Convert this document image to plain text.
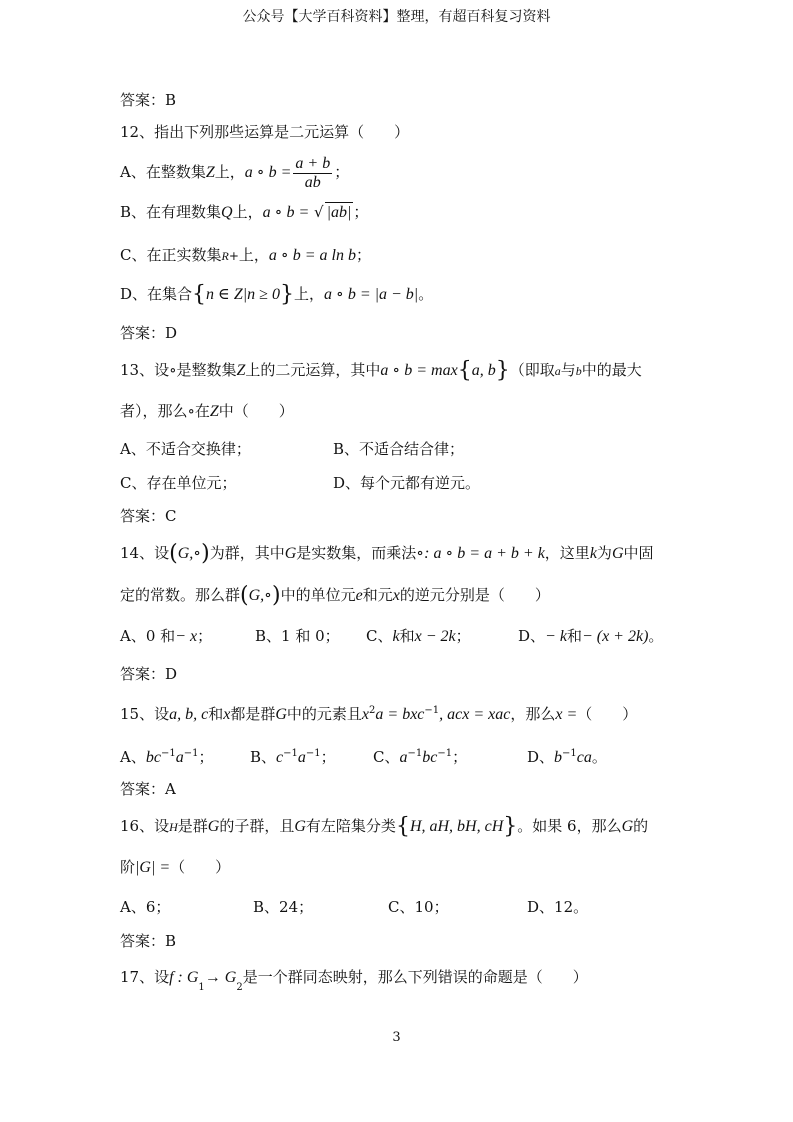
公众号【大学百科资料】整理，有超百科复习资料
答案：B
12、指出下列那些运算是二元运算（　　）
A、在整数集Z上，a ∘ $b = \frac{a + b}{ab}$ ；
B、在有理数集Q上，a ∘ b = √ |ab| ；
C、在正实数集R+上，a ∘ b = a ln b；
D、在集合{n ∈ Z|n ≥ 0}上，a ∘ b = |a − b|。
答案：D
13、设∘是整数集Z上的二元运算，其中a ∘ b = max{a, b}（即取a与b中的最大
者），那么∘在Z中（　　）
A、不适合交换律；	B、不适合结合律；
C、存在单位元；	D、每个元都有逆元。
答案：C
14、设(G,∘)为群，其中G是实数集，而乘法∘: a ∘ b = a + b + k，这里k为G中固
定的常数。那么群(G,∘)中的单位元e和元x的逆元分别是（　　）
A、0 和− x；	B、1 和 0； C、k和x − 2k；	D、− k和− (x + 2k)。
答案：D
15、设a, b, c和x都是群G中的元素且$x^2a = bxc^{-1}$, acx = xac，那么x =（　　）
A、$bc^{-1}a^{-1}$； B、$c^{-1}a^{-1}$； C、$a^{-1}bc^{-1}$；	D、$b^{-1}ca$。
答案：A
16、设H是群G的子群，且G有左陪集分类{H, aH, bH, cH}。如果 6，那么G的
阶|G| =（　　）
A、6；	B、24；	C、10；	D、12。
答案：B
17、设f : $G_1\to G_2$是一个群同态映射，那么下列错误的命题是（　　）
3
